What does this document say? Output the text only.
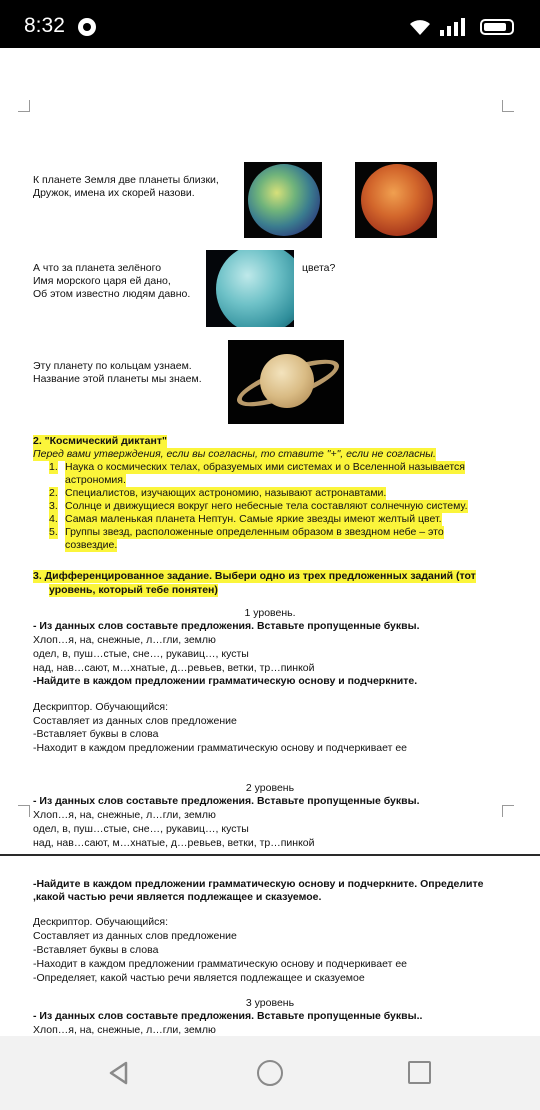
8:32
К планете Земля две планеты близки,
Дружок, имена их скорей назови.
А что за планета зелёного	цвета?
Имя морского царя ей дано,
Об этом известно людям давно.
Эту планету по кольцам узнаем.
Название этой планеты мы знаем.
2. "Космический диктант"
Перед вами утверждения, если вы согласны, то ставите "+", если не согласны.
1. Наука о космических телах, образуемых ими системах и о Вселенной называется
астрономия.
2. Специалистов, изучающих астрономию, называют астронавтами.
3. Солнце и движущиеся вокруг него небесные тела составляют солнечную систему.
4. Самая маленькая планета Нептун. Самые яркие звезды имеют желтый цвет.
5. Группы звезд, расположенные определенным образом в звездном небе – это
созвездие.
3. Дифференцированное задание. Выбери одно из трех предложенных заданий (тот
уровень, который тебе понятен)
1 уровень.
- Из данных слов составьте предложения. Вставьте пропущенные буквы.
Хлоп…я, на, снежные, л…гли, землю
одел, в, пуш…стые, сне…, рукавиц…, кусты
над, нав…сают, м…хнатые, д…ревьев, ветки, тр…пинкой
-Найдите в каждом предложении грамматическую основу и подчеркните.
Дескриптор. Обучающийся:
Составляет из данных слов предложение
-Вставляет буквы в слова
-Находит в каждом предложении грамматическую основу и подчеркивает ее
2 уровень
- Из данных слов составьте предложения. Вставьте пропущенные буквы.
Хлоп…я, на, снежные, л…гли, землю
одел, в, пуш…стые, сне…, рукавиц…, кусты
над, нав…сают, м…хнатые, д…ревьев, ветки, тр…пинкой
-Найдите в каждом предложении грамматическую основу и подчеркните. Определите
,какой частью речи является подлежащее и сказуемое.
Дескриптор. Обучающийся:
Составляет из данных слов предложение
-Вставляет буквы в слова
-Находит в каждом предложении грамматическую основу и подчеркивает ее
-Определяет, какой частью речи является подлежащее и сказуемое
3 уровень
- Из данных слов составьте предложения. Вставьте пропущенные буквы..
Хлоп…я, на, снежные, л…гли, землю
